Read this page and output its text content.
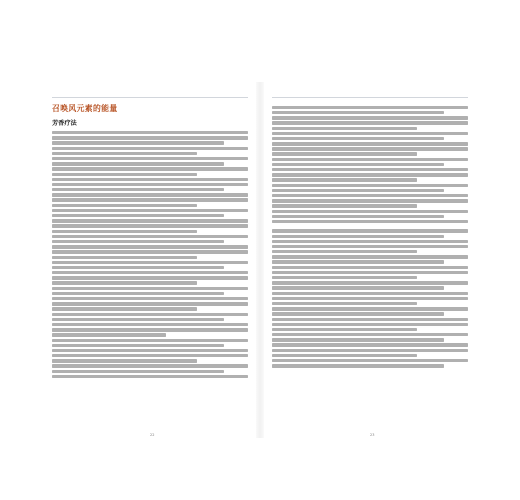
召唤风元素的能量
芳香疗法
22	23
